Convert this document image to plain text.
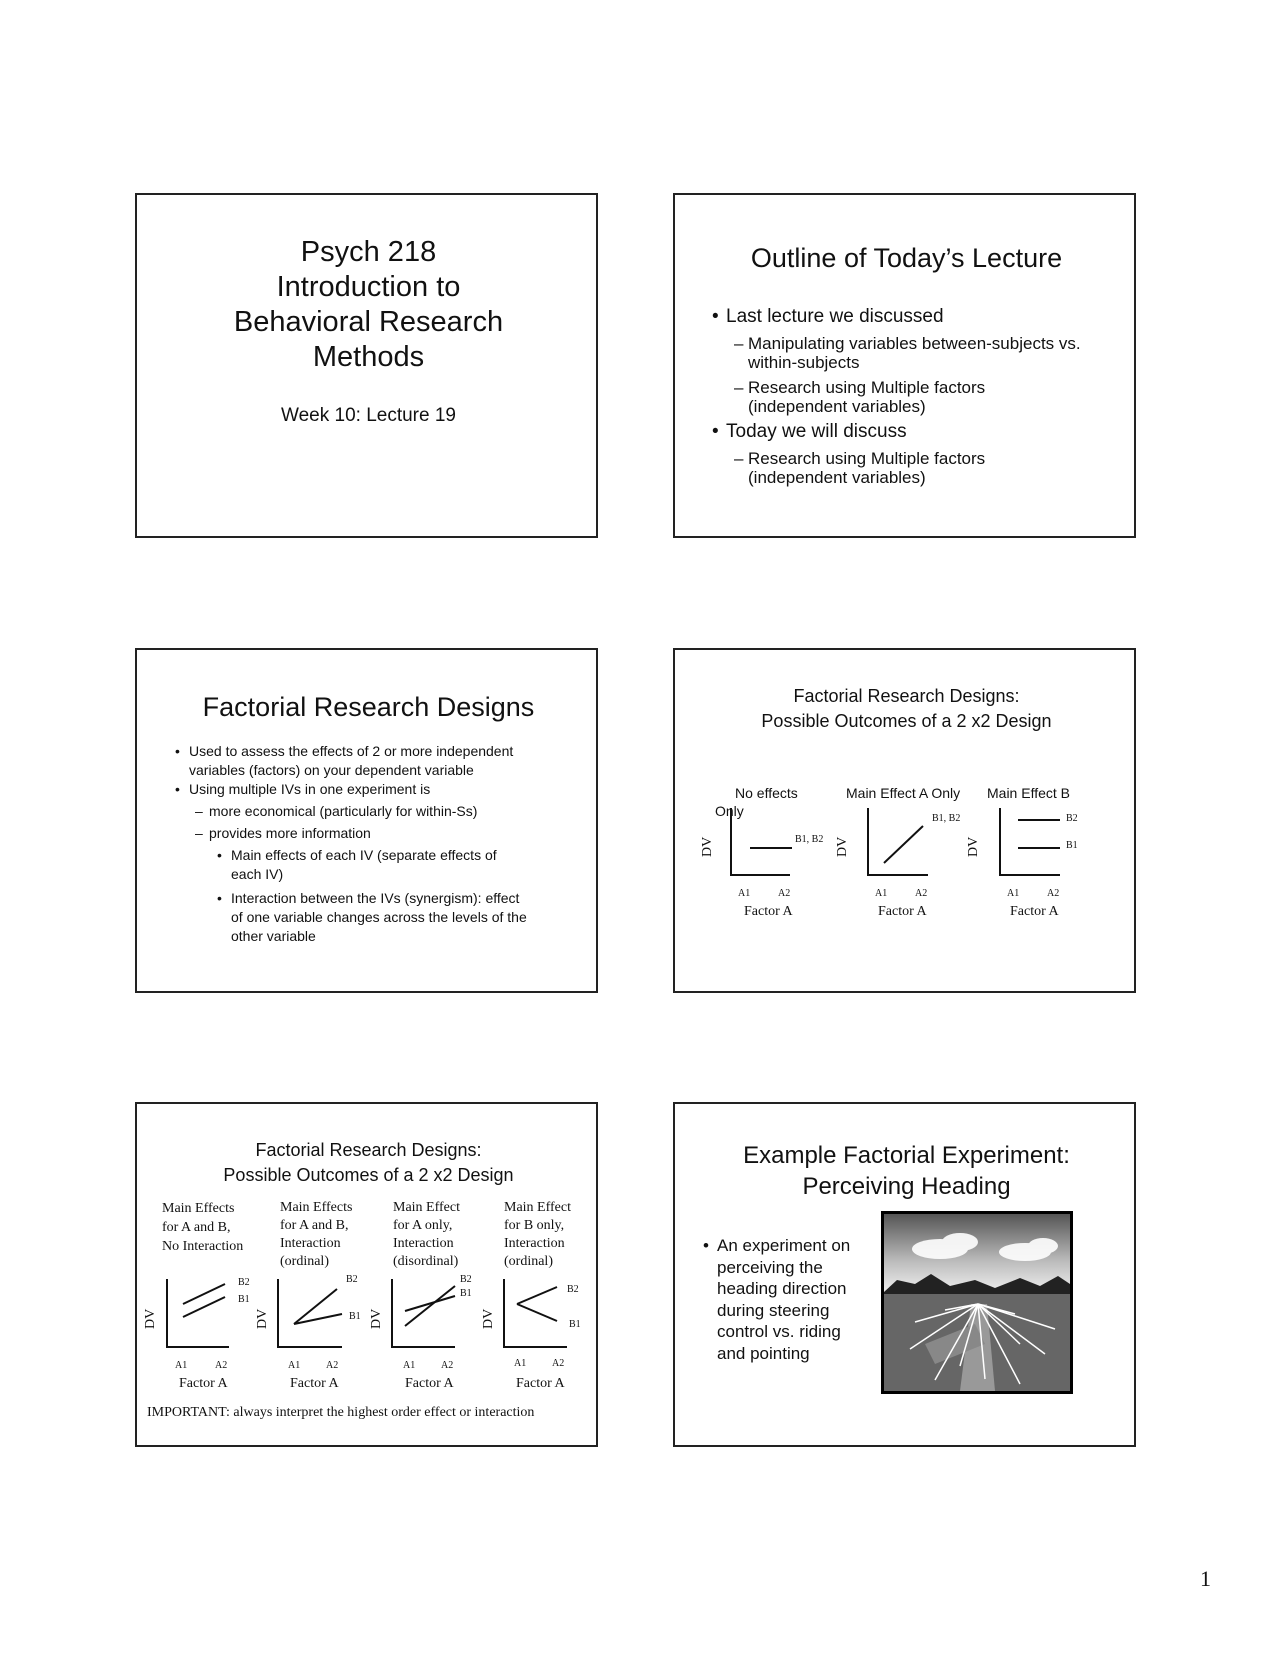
Psych 218
Introduction to
Behavioral Research
Methods
Week 10: Lecture 19
Outline of Today’s Lecture
• Last lecture we discussed
– Manipulating variables between-subjects vs.
within-subjects
– Research using Multiple factors
(independent variables)
• Today we will discuss
– Research using Multiple factors
(independent variables)
Factorial Research Designs
• Used to assess the effects of 2 or more independent
variables (factors) on your dependent variable
• Using multiple IVs in one experiment is
– more economical (particularly for within-Ss)
– provides more information
• Main effects of each IV (separate effects of
each IV)
• Interaction between the IVs (synergism): effect
of one variable changes across the levels of the
other variable
Factorial Research Designs:
Possible Outcomes of a 2 x2 Design
No effects
Only
Main Effect A Only Main Effect B
DV	B1, B2
A1	A2
Factor A
DV
B1, B2
A1	A2
Factor A
DV
B2
B1
A1	A2
Factor A
Factorial Research Designs:
Possible Outcomes of a 2 x2 Design
Main Effects
for A and B,
No Interaction
Main Effects
for A and B,
Interaction
(ordinal)
Main Effect
for A only,
Interaction
(disordinal)
Main Effect
for B only,
Interaction
(ordinal)
DV	DV	DV	DV
B2
B1
B2
B1
B2
B1	B2
B1
A1	A2	A1	A2	A1	A2	A1	A2
Factor A	Factor A	Factor A	Factor A
IMPORTANT: always interpret the highest order effect or interaction
Example Factorial Experiment:
Perceiving Heading
• An experiment on
perceiving the
heading direction
during steering
control vs. riding
and pointing
1
